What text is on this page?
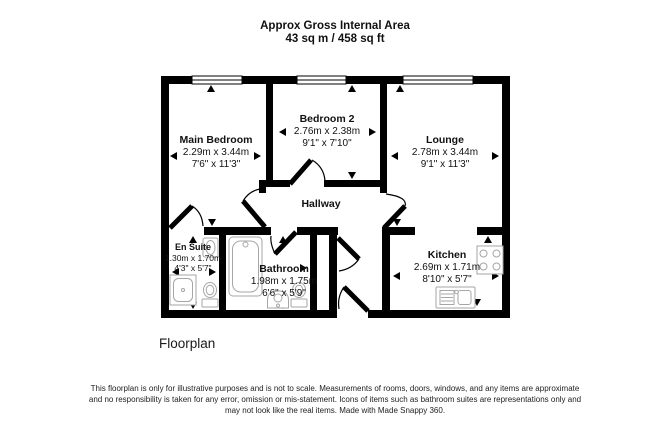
Approx Gross Internal Area
43 sq m / 458 sq ft
Main Bedroom
2.29m x 3.44m
7'6" x 11'3"
Bedroom 2
2.76m x 2.38m
9'1" x 7'10"	Lounge
2.78m x 3.44m
9'1" x 11'3"
Hallway
En Suite
1.30m x 1.70m
4'3" x 5'7"	Bathroom
1.98m x 1.75m
6'6" x 5'9"
Kitchen
2.69m x 1.71m
8'10" x 5'7"
Floorplan
This floorplan is only for illustrative purposes and is not to scale. Measurements of rooms, doors, windows, and any items are approximate
and no responsibility is taken for any error, omission or mis-statement. Icons of items such as bathroom suites are representations only and
may not look like the real items. Made with Made Snappy 360.
